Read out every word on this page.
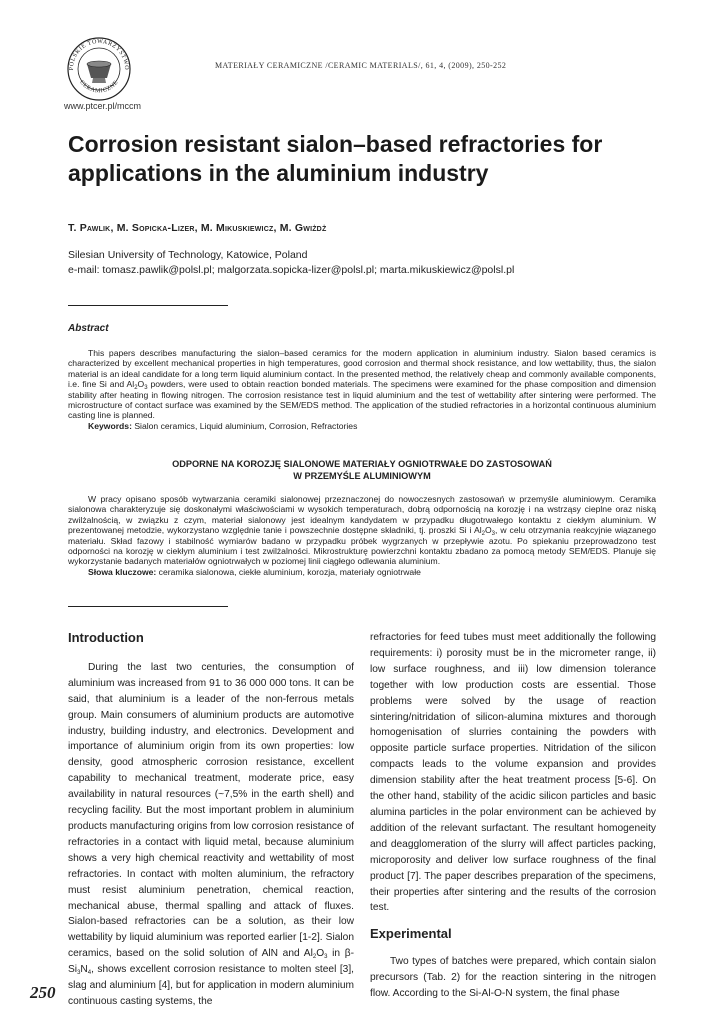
POLSKIE TOWARZYSTWO
CERAMICZNE
www.ptcer.pl/mccm
MATERIAŁY CERAMICZNE /CERAMIC MATERIALS/, 61, 4, (2009), 250-252
Corrosion resistant sialon–based refractories for applications in the aluminium industry
T. Pawlik, M. Sopicka-Lizer, M. Mikuskiewicz, M. Gwiżdż
Silesian University of Technology, Katowice, Poland
e-mail: tomasz.pawlik@polsl.pl; malgorzata.sopicka-lizer@polsl.pl; marta.mikuskiewicz@polsl.pl
Abstract

This papers describes manufacturing the sialon–based ceramics for the modern application in aluminium industry. Sialon based ceramics is characterized by excellent mechanical properties in high temperatures, good corrosion and thermal shock resistance, and low wettability, thus, the sialon material is an ideal candidate for a long term liquid aluminium contact. In the presented method, the relatively cheap and commonly available components, i.e. fine Si and $Al_2O_3$ powders, were used to obtain reaction bonded materials. The specimens were examined for the phase composition and dimension stability after heating in flowing nitrogen. The corrosion resistance test in liquid aluminium and the test of wettability after sintering were performed. The microstructure of contact surface was examined by the SEM/EDS method. The application of the studied refractories in a horizontal continuous aluminium casting line is planned.

Keywords: Sialon ceramics, Liquid aluminium, Corrosion, Refractories

ODPORNE NA KOROZJĘ SIALONOWE MATERIAŁY OGNIOTRWAŁE DO ZASTOSOWAŃ
W PRZEMYŚLE ALUMINIOWYM

W pracy opisano sposób wytwarzania ceramiki sialonowej przeznaczonej do nowoczesnych zastosowań w przemyśle aluminiowym. Ceramika sialonowa charakteryzuje się doskonałymi właściwościami w wysokich temperaturach, dobrą odpornością na korozję i na wstrząsy cieplne oraz niską zwilżalnością, w związku z czym, materiał sialonowy jest idealnym kandydatem w przypadku długotrwałego kontaktu z ciekłym aluminium. W prezentowanej metodzie, wykorzystano względnie tanie i powszechnie dostępne składniki, tj. proszki Si i $Al_2O_3$, w celu otrzymania reakcyjnie wiązanego materiału. Skład fazowy i stabilność wymiarów badano w przypadku próbek wygrzanych w przepływie azotu. Po spiekaniu przeprowadzono test odporności na korozję w ciekłym aluminium i test zwilżalności. Mikrostrukturę powierzchni kontaktu zbadano za pomocą metody SEM/EDS. Planuje się wykorzystanie badanych materiałów ogniotrwałych w poziomej linii ciągłego odlewania aluminium.

Słowa kluczowe: ceramika sialonowa, ciekłe aluminium, korozja, materiały ogniotrwałe

Introduction

During the last two centuries, the consumption of aluminium was increased from 91 to 36 000 000 tons. It can be said, that aluminium is a leader of the non-ferrous metals group. Main consumers of aluminium products are automotive industry, building industry, and electronics. Development and importance of aluminium origin from its own properties: low density, good atmospheric corrosion resistance, excellent capability to mechanical treatment, moderate price, easy availability in natural resources (~7,5% in the earth shell) and recycling facility. But the most important problem in aluminium products manufacturing origins from low corrosion resistance of refractories in a contact with liquid metal, because aluminium shows a very high chemical reactivity and wettability of most refractories. In contact with molten aluminium, the refractory must resist aluminium penetration, chemical reaction, mechanical abuse, thermal spalling and attack of fluxes. Sialon-based refractories can be a solution, as their low wettability by liquid aluminium was reported earlier [1-2]. Sialon ceramics, based on the solid solution of AlN and $Al_2O_3$ in $\beta-Si_3N_4$, shows excellent corrosion resistance to molten steel [3], slag and aluminium [4], but for application in modern aluminium continuous casting systems, the

refractories for feed tubes must meet additionally the following requirements: i) porosity must be in the micrometer range, ii) low surface roughness, and iii) low dimension tolerance together with low production costs are essential. Those problems were solved by the usage of reaction sintering/nitridation of silicon-alumina mixtures and thorough homogenisation of slurries containing the powders with opposite particle surface properties. Nitridation of the silicon compacts leads to the volume expansion and provides dimension stability after the heat treatment process [5-6]. On the other hand, stability of the acidic silicon particles and basic alumina particles in the polar environment can be achieved by addition of the relevant surfactant. The resultant homogeneity and deagglomeration of the slurry will affect particles packing, microporosity and deliver low surface roughness of the final product [7]. The paper describes preparation of the specimens, their properties after sintering and the results of the corrosion test.

Experimental

Two types of batches were prepared, which contain sialon precursors (Tab. 2) for the reaction sintering in the nitrogen flow. According to the Si-Al-O-N system, the final phase

250
